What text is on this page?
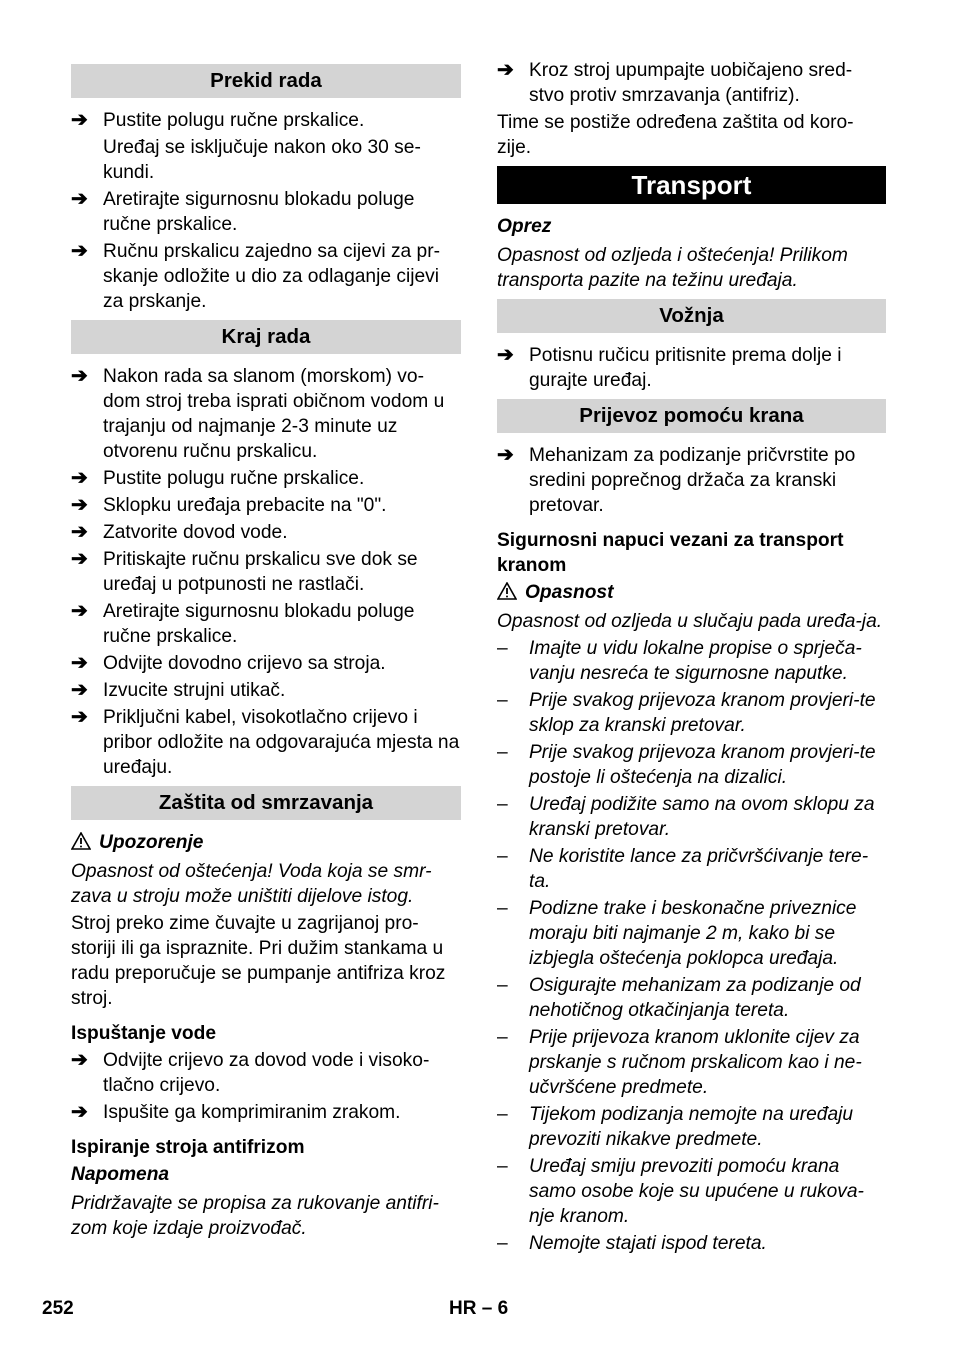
Prekid rada
➔ Pustite polugu ručne prskalice.
Uređaj se isključuje nakon oko 30 se-kundi.
➔ Aretirajte sigurnosnu blokadu poluge ručne prskalice.
➔ Ručnu prskalicu zajedno sa cijevi za pr-skanje odložite u dio za odlaganje cijevi za prskanje.
Kraj rada
➔ Nakon rada sa slanom (morskom) vo-dom stroj treba isprati običnom vodom u trajanju od najmanje 2-3 minute uz otvorenu ručnu prskalicu.
➔ Pustite polugu ručne prskalice.
➔ Sklopku uređaja prebacite na "0".
➔ Zatvorite dovod vode.
➔ Pritiskajte ručnu prskalicu sve dok se uređaj u potpunosti ne rastlači.
➔ Aretirajte sigurnosnu blokadu poluge ručne prskalice.
➔ Odvijte dovodno crijevo sa stroja.
➔ Izvucite strujni utikač.
➔ Priključni kabel, visokotlačno crijevo i pribor odložite na odgovarajuća mjesta na uređaju.
Zaštita od smrzavanja
Upozorenje
Opasnost od oštećenja! Voda koja se smr-zava u stroju može uništiti dijelove istog.
Stroj preko zime čuvajte u zagrijanoj pro-storiji ili ga ispraznite. Pri dužim stankama u radu preporučuje se pumpanje antifriza kroz stroj.
Ispuštanje vode
➔ Odvijte crijevo za dovod vode i visoko-tlačno crijevo.
➔ Ispušite ga komprimiranim zrakom.
Ispiranje stroja antifrizom
Napomena
Pridržavajte se propisa za rukovanje antifri-zom koje izdaje proizvođač.
➔ Kroz stroj upumpajte uobičajeno sred-stvo protiv smrzavanja (antifriz).
Time se postiže određena zaštita od koro-zije.
Transport
Oprez
Opasnost od ozljeda i oštećenja! Prilikom transporta pazite na težinu uređaja.
Vožnja
➔ Potisnu ručicu pritisnite prema dolje i gurajte uređaj.
Prijevoz pomoću krana
➔ Mehanizam za podizanje pričvrstite po sredini poprečnog držača za kranski pretovar.
Sigurnosni napuci vezani za transport kranom
Opasnost
Opasnost od ozljeda u slučaju pada uređa-ja.
– Imajte u vidu lokalne propise o sprječa-vanju nesreća te sigurnosne naputke.
– Prije svakog prijevoza kranom provjeri-te sklop za kranski pretovar.
– Prije svakog prijevoza kranom provjeri-te postoje li oštećenja na dizalici.
– Uređaj podižite samo na ovom sklopu za kranski pretovar.
– Ne koristite lance za pričvršćivanje tere-ta.
– Podizne trake i beskonačne priveznice moraju biti najmanje 2 m, kako bi se izbjegla oštećenja poklopca uređaja.
– Osigurajte mehanizam za podizanje od nehotičnog otkačinjanja tereta.
– Prije prijevoza kranom uklonite cijev za prskanje s ručnom prskalicom kao i ne-učvršćene predmete.
– Tijekom podizanja nemojte na uređaju prevoziti nikakve predmete.
– Uređaj smiju prevoziti pomoću krana samo osobe koje su upućene u rukova-nje kranom.
– Nemojte stajati ispod tereta.
252	HR – 6
